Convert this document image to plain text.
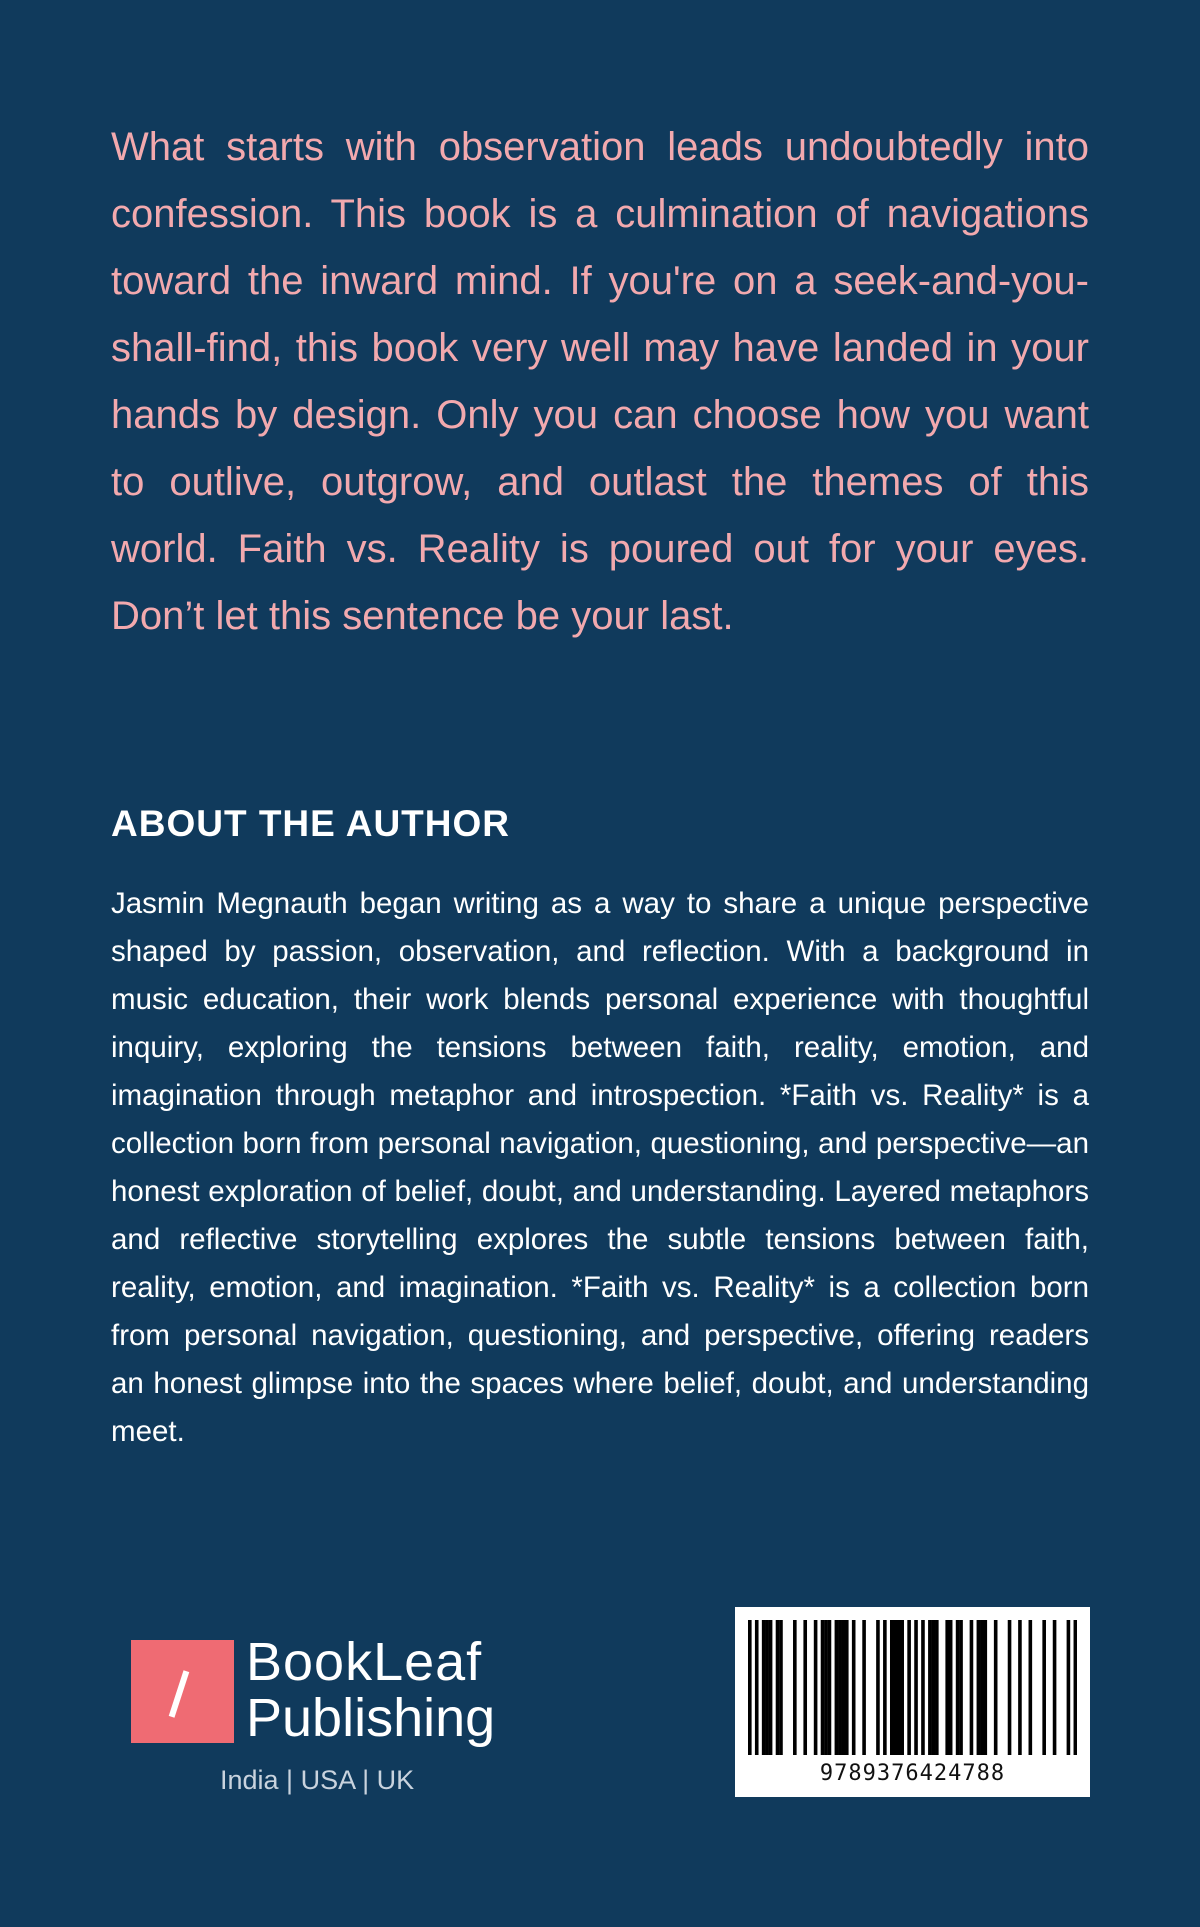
What starts with observation leads undoubtedly into confession. This book is a culmination of navigations toward the inward mind. If you're on a seek-and-you-shall-find, this book very well may have landed in your hands by design. Only you can choose how you want to outlive, outgrow, and outlast the themes of this world. Faith vs. Reality is poured out for your eyes. Don’t let this sentence be your last.

ABOUT THE AUTHOR

Jasmin Megnauth began writing as a way to share a unique perspective shaped by passion, observation, and reflection. With a background in music education, their work blends personal experience with thoughtful inquiry, exploring the tensions between faith, reality, emotion, and imagination through metaphor and introspection. *Faith vs. Reality* is a collection born from personal navigation, questioning, and perspective—an honest exploration of belief, doubt, and understanding. Layered metaphors and reflective storytelling explores the subtle tensions between faith, reality, emotion, and imagination. *Faith vs. Reality* is a collection born from personal navigation, questioning, and perspective, offering readers an honest glimpse into the spaces where belief, doubt, and understanding meet.

BookLeaf
Publishing
India | USA | UK	9789376424788
